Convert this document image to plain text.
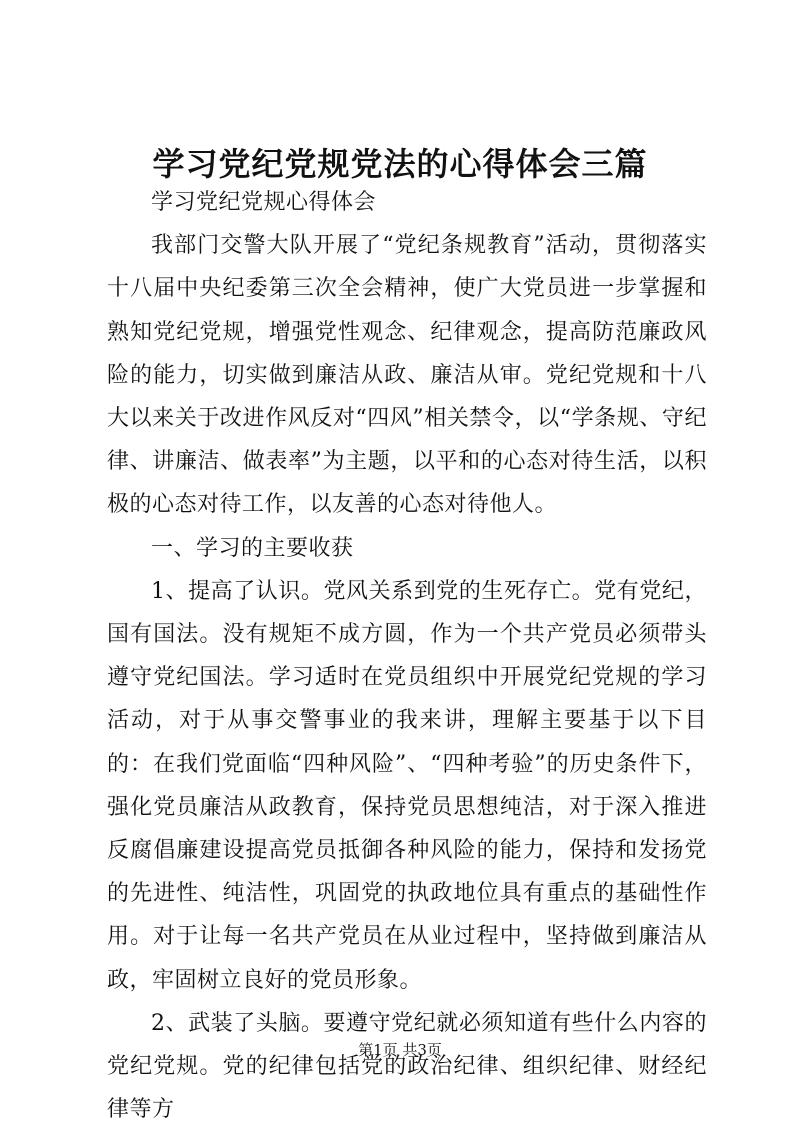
学习党纪党规党法的心得体会三篇

学习党纪党规心得体会

我部门交警大队开展了“党纪条规教育”活动，贯彻落实十八届中央纪委第三次全会精神，使广大党员进一步掌握和熟知党纪党规，增强党性观念、纪律观念，提高防范廉政风险的能力，切实做到廉洁从政、廉洁从审。党纪党规和十八大以来关于改进作风反对“四风”相关禁令，以“学条规、守纪律、讲廉洁、做表率”为主题，以平和的心态对待生活，以积极的心态对待工作，以友善的心态对待他人。

一、学习的主要收获

1、提高了认识。党风关系到党的生死存亡。党有党纪，国有国法。没有规矩不成方圆，作为一个共产党员必须带头遵守党纪国法。学习适时在党员组织中开展党纪党规的学习活动，对于从事交警事业的我来讲，理解主要基于以下目的：在我们党面临“四种风险”、“四种考验”的历史条件下，强化党员廉洁从政教育，保持党员思想纯洁，对于深入推进反腐倡廉建设提高党员抵御各种风险的能力，保持和发扬党的先进性、纯洁性，巩固党的执政地位具有重点的基础性作用。对于让每一名共产党员在从业过程中，坚持做到廉洁从政，牢固树立良好的党员形象。

2、武装了头脑。要遵守党纪就必须知道有些什么内容的党纪党规。党的纪律包括党的政治纪律、组织纪律、财经纪律等方

第1页 共3页
